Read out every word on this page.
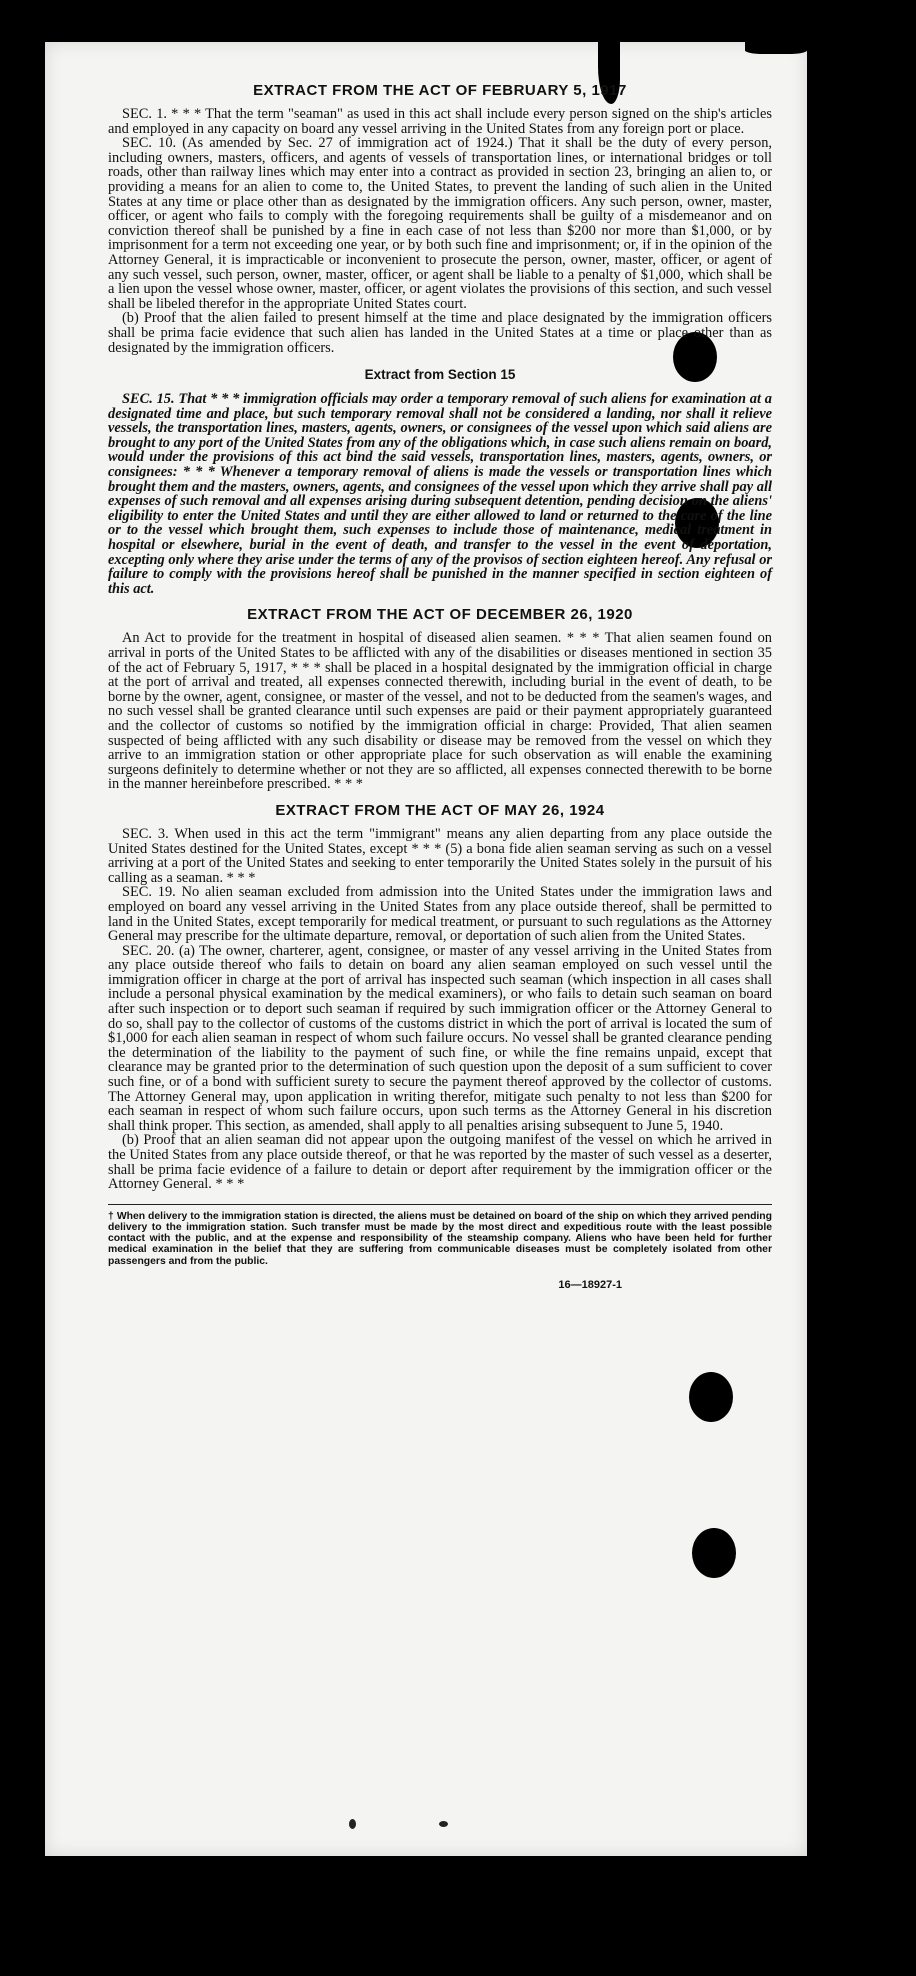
EXTRACT FROM THE ACT OF FEBRUARY 5, 1917

SEC. 1. * * * That the term "seaman" as used in this act shall include every person signed on the ship's articles and employed in any capacity on board any vessel arriving in the United States from any foreign port or place.

SEC. 10. (As amended by Sec. 27 of immigration act of 1924.) That it shall be the duty of every person, including owners, masters, officers, and agents of vessels of transportation lines, or international bridges or toll roads, other than railway lines which may enter into a contract as provided in section 23, bringing an alien to, or providing a means for an alien to come to, the United States, to prevent the landing of such alien in the United States at any time or place other than as designated by the immigration officers. Any such person, owner, master, officer, or agent who fails to comply with the foregoing requirements shall be guilty of a misdemeanor and on conviction thereof shall be punished by a fine in each case of not less than $200 nor more than $1,000, or by imprisonment for a term not exceeding one year, or by both such fine and imprisonment; or, if in the opinion of the Attorney General, it is impracticable or inconvenient to prosecute the person, owner, master, officer, or agent of any such vessel, such person, owner, master, officer, or agent shall be liable to a penalty of $1,000, which shall be a lien upon the vessel whose owner, master, officer, or agent violates the provisions of this section, and such vessel shall be libeled therefor in the appropriate United States court.

(b) Proof that the alien failed to present himself at the time and place designated by the immigration officers shall be prima facie evidence that such alien has landed in the United States at a time or place other than as designated by the immigration officers.

Extract from Section 15

SEC. 15. That * * * immigration officials may order a temporary removal of such aliens for examination at a designated time and place, but such temporary removal shall not be considered a landing, nor shall it relieve vessels, the transportation lines, masters, agents, owners, or consignees of the vessel upon which said aliens are brought to any port of the United States from any of the obligations which, in case such aliens remain on board, would under the provisions of this act bind the said vessels, transportation lines, masters, agents, owners, or consignees: * * * Whenever a temporary removal of aliens is made the vessels or transportation lines which brought them and the masters, owners, agents, and consignees of the vessel upon which they arrive shall pay all expenses of such removal and all expenses arising during subsequent detention, pending decision on the aliens' eligibility to enter the United States and until they are either allowed to land or returned to the care of the line or to the vessel which brought them, such expenses to include those of maintenance, medical treatment in hospital or elsewhere, burial in the event of death, and transfer to the vessel in the event of deportation, excepting only where they arise under the terms of any of the provisos of section eighteen hereof. Any refusal or failure to comply with the provisions hereof shall be punished in the manner specified in section eighteen of this act.

EXTRACT FROM THE ACT OF DECEMBER 26, 1920

An Act to provide for the treatment in hospital of diseased alien seamen. * * * That alien seamen found on arrival in ports of the United States to be afflicted with any of the disabilities or diseases mentioned in section 35 of the act of February 5, 1917, * * * shall be placed in a hospital designated by the immigration official in charge at the port of arrival and treated, all expenses connected therewith, including burial in the event of death, to be borne by the owner, agent, consignee, or master of the vessel, and not to be deducted from the seamen's wages, and no such vessel shall be granted clearance until such expenses are paid or their payment appropriately guaranteed and the collector of customs so notified by the immigration official in charge: Provided, That alien seamen suspected of being afflicted with any such disability or disease may be removed from the vessel on which they arrive to an immigration station or other appropriate place for such observation as will enable the examining surgeons definitely to determine whether or not they are so afflicted, all expenses connected therewith to be borne in the manner hereinbefore prescribed. * * *

EXTRACT FROM THE ACT OF MAY 26, 1924

SEC. 3. When used in this act the term "immigrant" means any alien departing from any place outside the United States destined for the United States, except * * * (5) a bona fide alien seaman serving as such on a vessel arriving at a port of the United States and seeking to enter temporarily the United States solely in the pursuit of his calling as a seaman. * * *

SEC. 19. No alien seaman excluded from admission into the United States under the immigration laws and employed on board any vessel arriving in the United States from any place outside thereof, shall be permitted to land in the United States, except temporarily for medical treatment, or pursuant to such regulations as the Attorney General may prescribe for the ultimate departure, removal, or deportation of such alien from the United States.

SEC. 20. (a) The owner, charterer, agent, consignee, or master of any vessel arriving in the United States from any place outside thereof who fails to detain on board any alien seaman employed on such vessel until the immigration officer in charge at the port of arrival has inspected such seaman (which inspection in all cases shall include a personal physical examination by the medical examiners), or who fails to detain such seaman on board after such inspection or to deport such seaman if required by such immigration officer or the Attorney General to do so, shall pay to the collector of customs of the customs district in which the port of arrival is located the sum of $1,000 for each alien seaman in respect of whom such failure occurs. No vessel shall be granted clearance pending the determination of the liability to the payment of such fine, or while the fine remains unpaid, except that clearance may be granted prior to the determination of such question upon the deposit of a sum sufficient to cover such fine, or of a bond with sufficient surety to secure the payment thereof approved by the collector of customs. The Attorney General may, upon application in writing therefor, mitigate such penalty to not less than $200 for each seaman in respect of whom such failure occurs, upon such terms as the Attorney General in his discretion shall think proper. This section, as amended, shall apply to all penalties arising subsequent to June 5, 1940.

(b) Proof that an alien seaman did not appear upon the outgoing manifest of the vessel on which he arrived in the United States from any place outside thereof, or that he was reported by the master of such vessel as a deserter, shall be prima facie evidence of a failure to detain or deport after requirement by the immigration officer or the Attorney General. * * *

† When delivery to the immigration station is directed, the aliens must be detained on board of the ship on which they arrived pending delivery to the immigration station. Such transfer must be made by the most direct and expeditious route with the least possible contact with the public, and at the expense and responsibility of the steamship company. Aliens who have been held for further medical examination in the belief that they are suffering from communicable diseases must be completely isolated from other passengers and from the public.

16—18927-1
